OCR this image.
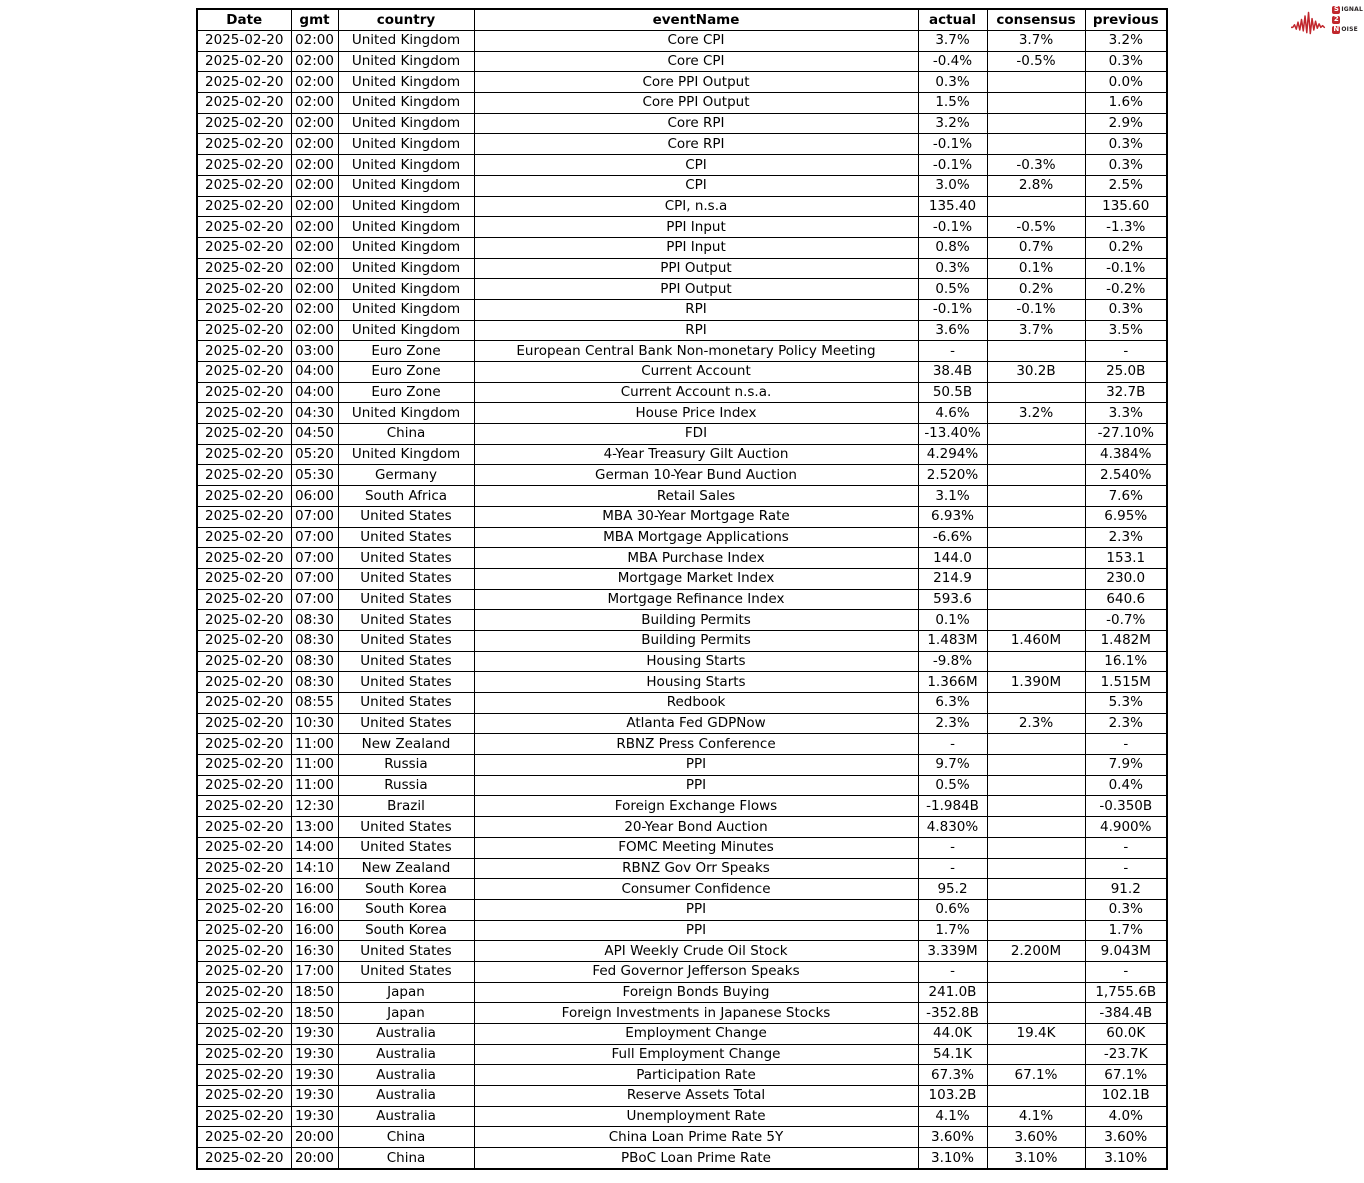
Date	gmt	country	eventName	actual	consensus	previous
2025-02-20	02:00	United Kingdom	Core CPI	3.7%	3.7%	3.2%
2025-02-20	02:00	United Kingdom	Core CPI	-0.4%	-0.5%	0.3%
2025-02-20	02:00	United Kingdom	Core PPI Output	0.3%		0.0%
2025-02-20	02:00	United Kingdom	Core PPI Output	1.5%		1.6%
2025-02-20	02:00	United Kingdom	Core RPI	3.2%		2.9%
2025-02-20	02:00	United Kingdom	Core RPI	-0.1%		0.3%
2025-02-20	02:00	United Kingdom	CPI	-0.1%	-0.3%	0.3%
2025-02-20	02:00	United Kingdom	CPI	3.0%	2.8%	2.5%
2025-02-20	02:00	United Kingdom	CPI, n.s.a	135.40		135.60
2025-02-20	02:00	United Kingdom	PPI Input	-0.1%	-0.5%	-1.3%
2025-02-20	02:00	United Kingdom	PPI Input	0.8%	0.7%	0.2%
2025-02-20	02:00	United Kingdom	PPI Output	0.3%	0.1%	-0.1%
2025-02-20	02:00	United Kingdom	PPI Output	0.5%	0.2%	-0.2%
2025-02-20	02:00	United Kingdom	RPI	-0.1%	-0.1%	0.3%
2025-02-20	02:00	United Kingdom	RPI	3.6%	3.7%	3.5%
2025-02-20	03:00	Euro Zone	European Central Bank Non-monetary Policy Meeting	-		-
2025-02-20	04:00	Euro Zone	Current Account	38.4B	30.2B	25.0B
2025-02-20	04:00	Euro Zone	Current Account n.s.a.	50.5B		32.7B
2025-02-20	04:30	United Kingdom	House Price Index	4.6%	3.2%	3.3%
2025-02-20	04:50	China	FDI	-13.40%		-27.10%
2025-02-20	05:20	United Kingdom	4-Year Treasury Gilt Auction	4.294%		4.384%
2025-02-20	05:30	Germany	German 10-Year Bund Auction	2.520%		2.540%
2025-02-20	06:00	South Africa	Retail Sales	3.1%		7.6%
2025-02-20	07:00	United States	MBA 30-Year Mortgage Rate	6.93%		6.95%
2025-02-20	07:00	United States	MBA Mortgage Applications	-6.6%		2.3%
2025-02-20	07:00	United States	MBA Purchase Index	144.0		153.1
2025-02-20	07:00	United States	Mortgage Market Index	214.9		230.0
2025-02-20	07:00	United States	Mortgage Refinance Index	593.6		640.6
2025-02-20	08:30	United States	Building Permits	0.1%		-0.7%
2025-02-20	08:30	United States	Building Permits	1.483M	1.460M	1.482M
2025-02-20	08:30	United States	Housing Starts	-9.8%		16.1%
2025-02-20	08:30	United States	Housing Starts	1.366M	1.390M	1.515M
2025-02-20	08:55	United States	Redbook	6.3%		5.3%
2025-02-20	10:30	United States	Atlanta Fed GDPNow	2.3%	2.3%	2.3%
2025-02-20	11:00	New Zealand	RBNZ Press Conference	-		-
2025-02-20	11:00	Russia	PPI	9.7%		7.9%
2025-02-20	11:00	Russia	PPI	0.5%		0.4%
2025-02-20	12:30	Brazil	Foreign Exchange Flows	-1.984B		-0.350B
2025-02-20	13:00	United States	20-Year Bond Auction	4.830%		4.900%
2025-02-20	14:00	United States	FOMC Meeting Minutes	-		-
2025-02-20	14:10	New Zealand	RBNZ Gov Orr Speaks	-		-
2025-02-20	16:00	South Korea	Consumer Confidence	95.2		91.2
2025-02-20	16:00	South Korea	PPI	0.6%		0.3%
2025-02-20	16:00	South Korea	PPI	1.7%		1.7%
2025-02-20	16:30	United States	API Weekly Crude Oil Stock	3.339M	2.200M	9.043M
2025-02-20	17:00	United States	Fed Governor Jefferson Speaks	-		-
2025-02-20	18:50	Japan	Foreign Bonds Buying	241.0B		1,755.6B
2025-02-20	18:50	Japan	Foreign Investments in Japanese Stocks	-352.8B		-384.4B
2025-02-20	19:30	Australia	Employment Change	44.0K	19.4K	60.0K
2025-02-20	19:30	Australia	Full Employment Change	54.1K		-23.7K
2025-02-20	19:30	Australia	Participation Rate	67.3%	67.1%	67.1%
2025-02-20	19:30	Australia	Reserve Assets Total	103.2B		102.1B
2025-02-20	19:30	Australia	Unemployment Rate	4.1%	4.1%	4.0%
2025-02-20	20:00	China	China Loan Prime Rate 5Y	3.60%	3.60%	3.60%
2025-02-20	20:00	China	PBoC Loan Prime Rate	3.10%	3.10%	3.10%
S IGNAL
2
N OISE
